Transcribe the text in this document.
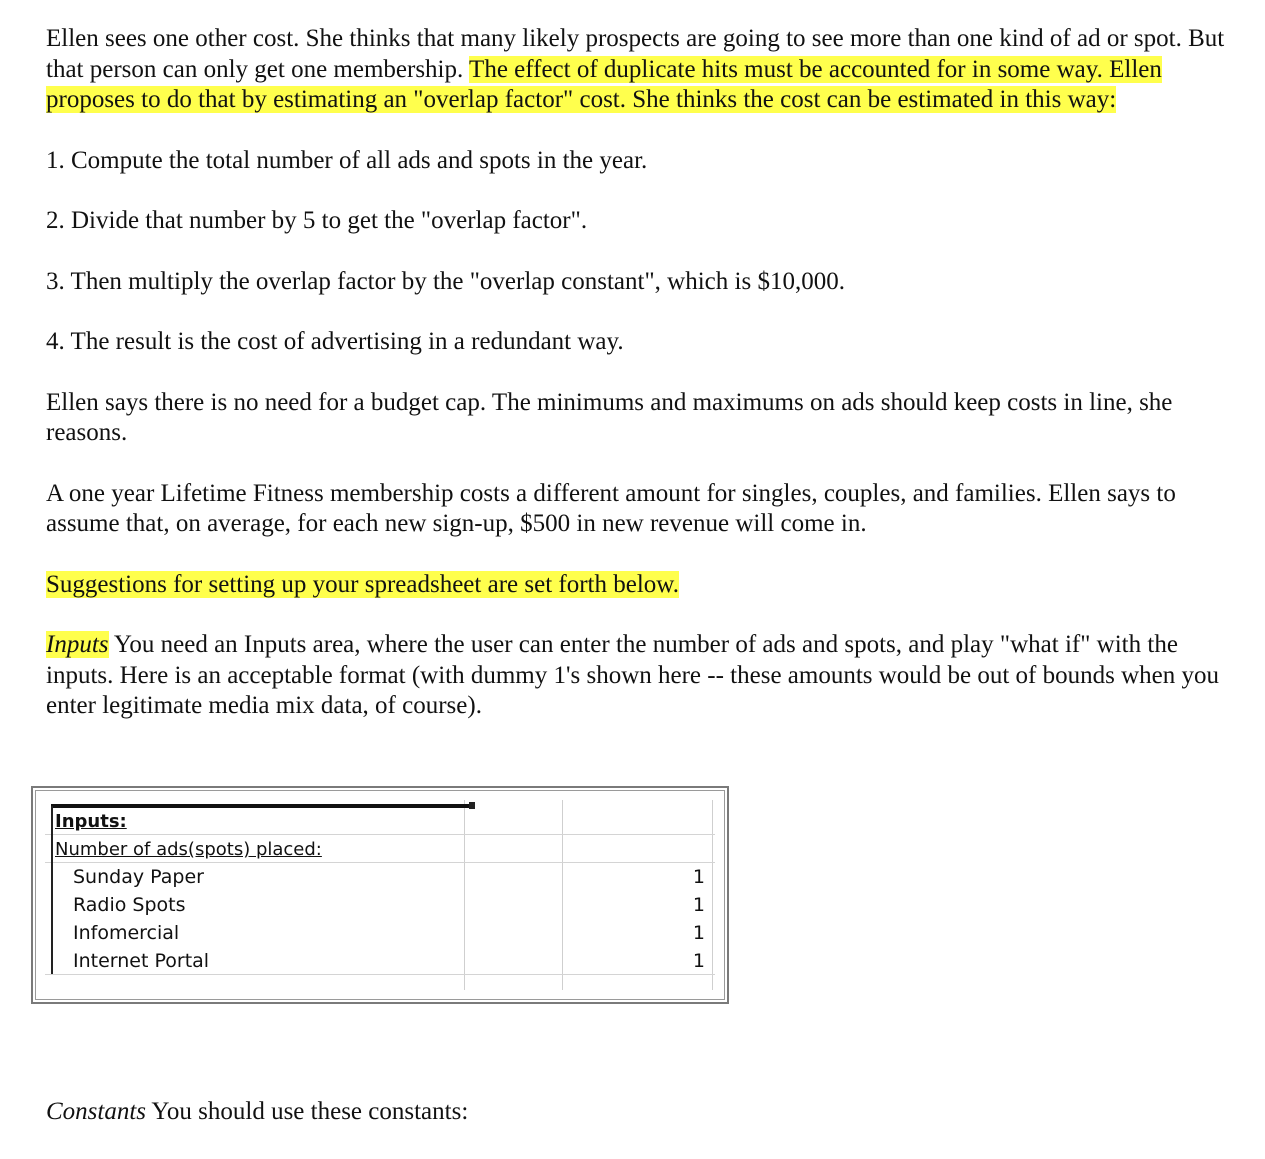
Ellen sees one other cost. She thinks that many likely prospects are going to see more than one kind of ad or spot. But that person can only get one membership. The effect of duplicate hits must be accounted for in some way. Ellen proposes to do that by estimating an "overlap factor" cost. She thinks the cost can be estimated in this way:

1. Compute the total number of all ads and spots in the year.

2. Divide that number by 5 to get the "overlap factor".

3. Then multiply the overlap factor by the "overlap constant", which is $10,000.

4. The result is the cost of advertising in a redundant way.

Ellen says there is no need for a budget cap. The minimums and maximums on ads should keep costs in line, she reasons.

A one year Lifetime Fitness membership costs a different amount for singles, couples, and families. Ellen says to assume that, on average, for each new sign-up, $500 in new revenue will come in.

Suggestions for setting up your spreadsheet are set forth below.

Inputs You need an Inputs area, where the user can enter the number of ads and spots, and play "what if" with the inputs. Here is an acceptable format (with dummy 1's shown here -- these amounts would be out of bounds when you enter legitimate media mix data, of course).

Inputs:
Number of ads(spots) placed:
Sunday Paper	1
Radio Spots	1
Infomercial	1
Internet Portal	1

Constants You should use these constants:
